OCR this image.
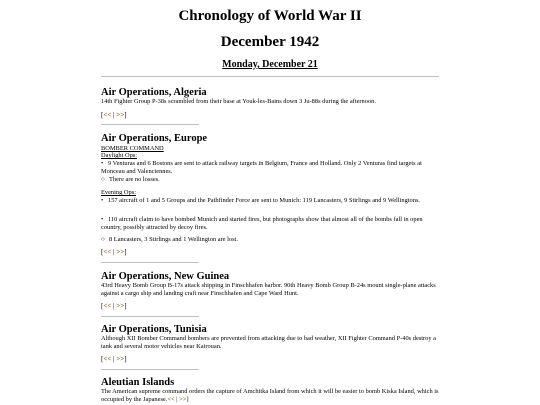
Chronology of World War II
December 1942
Monday, December 21
Air Operations, Algeria
14th Fighter Group P-38s scrambled from their base at Youk-les-Bains down 3 Ju-88s during the afternoon.
[<< | >>]
Air Operations, Europe
BOMBER COMMAND
Daylight Ops:
• 9 Venturas and 6 Bostons are sent to attack railway targets in Belgium, France and Holland. Only 2 Venturas find targets at Monceau and Valenciennes.
○ There are no losses.
Evening Ops:
• 157 aircraft of 1 and 5 Groups and the Pathfinder Force are sent to Munich: 119 Lancasters, 9 Stirlings and 9 Wellingtons.
• 110 aircraft claim to have bombed Munich and started fires, but photographs show that almost all of the bombs fall in open country, possibly attracted by decoy fires.
○ 8 Lancasters, 3 Stirlings and 1 Wellington are lost.
[<< | >>]
Air Operations, New Guinea
43rd Heavy Bomb Group B-17s attack shipping in Finschhafen harbor. 90th Heavy Bomb Group B-24s mount single-plane attacks against a cargo ship and landing craft near Finschhafen and Cape Ward Hunt.
[<< | >>]
Air Operations, Tunisia
Although XII Bomber Command bombers are prevented from attacking due to bad weather, XII Fighter Command P-40s destroy a tank and several motor vehicles near Kairouan.
[<< | >>]
Aleutian Islands
The American supreme command orders the capture of Amchitka Island from which it will be easier to bomb Kiska Island, which is occupied by the Japanese.<< | >>]
